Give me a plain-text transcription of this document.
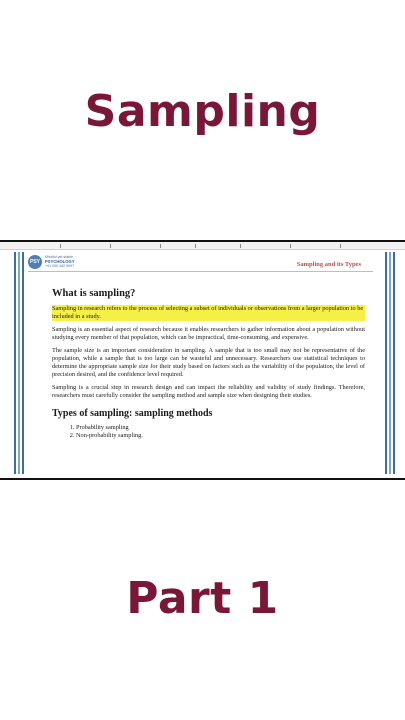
Sampling
PSY
Mindful yet stable
PSYCHOLOGY
+91 000 442 9097	Sampling and its Types
What is sampling?
Sampling in research refers to the process of selecting a subset of individuals or observations from a larger population to be included in a study.
Sampling is an essential aspect of research because it enables researchers to gather information about a population without studying every member of that population, which can be impractical, time-consuming, and expensive.
The sample size is an important consideration in sampling. A sample that is too small may not be representative of the population, while a sample that is too large can be wasteful and unnecessary. Researchers use statistical techniques to determine the appropriate sample size for their study based on factors such as the variability of the population, the level of precision desired, and the confidence level required.
Sampling is a crucial step in research design and can impact the reliability and validity of study findings. Therefore, researchers must carefully consider the sampling method and sample size when designing their studies.
Types of sampling: sampling methods
1. Probability sampling
2. Non-probability sampling.
Part 1
